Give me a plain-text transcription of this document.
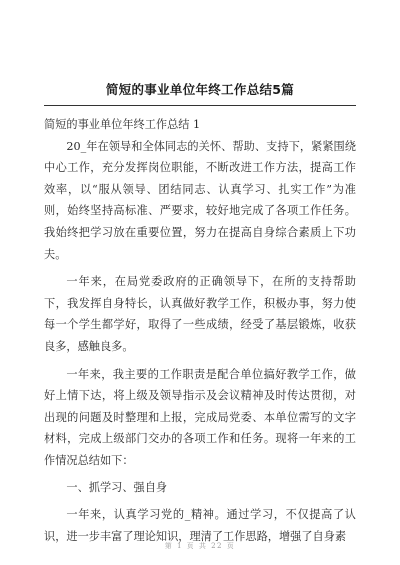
简短的事业单位年终工作总结5篇

简短的事业单位年终工作总结 1

20_年在领导和全体同志的关怀、帮助、支持下，紧紧围绕中心工作，充分发挥岗位职能，不断改进工作方法，提高工作效率，以“服从领导、团结同志、认真学习、扎实工作”为准则，始终坚持高标准、严要求，较好地完成了各项工作任务。我始终把学习放在重要位置，努力在提高自身综合素质上下功夫。

一年来，在局党委政府的正确领导下，在所的支持帮助下，我发挥自身特长，认真做好教学工作，积极办事，努力使每一个学生都学好，取得了一些成绩，经受了基层锻炼，收获良多，感触良多。

一年来，我主要的工作职责是配合单位搞好教学工作，做好上情下达，将上级及领导指示及会议精神及时传达贯彻，对出现的问题及时整理和上报，完成局党委、本单位需写的文字材料，完成上级部门交办的各项工作和任务。现将一年来的工作情况总结如下：

一、抓学习、强自身

一年来，认真学习党的_精神。通过学习，不仅提高了认识，进一步丰富了理论知识，理清了工作思路，增强了自身素

第 1 页 共 22 页
